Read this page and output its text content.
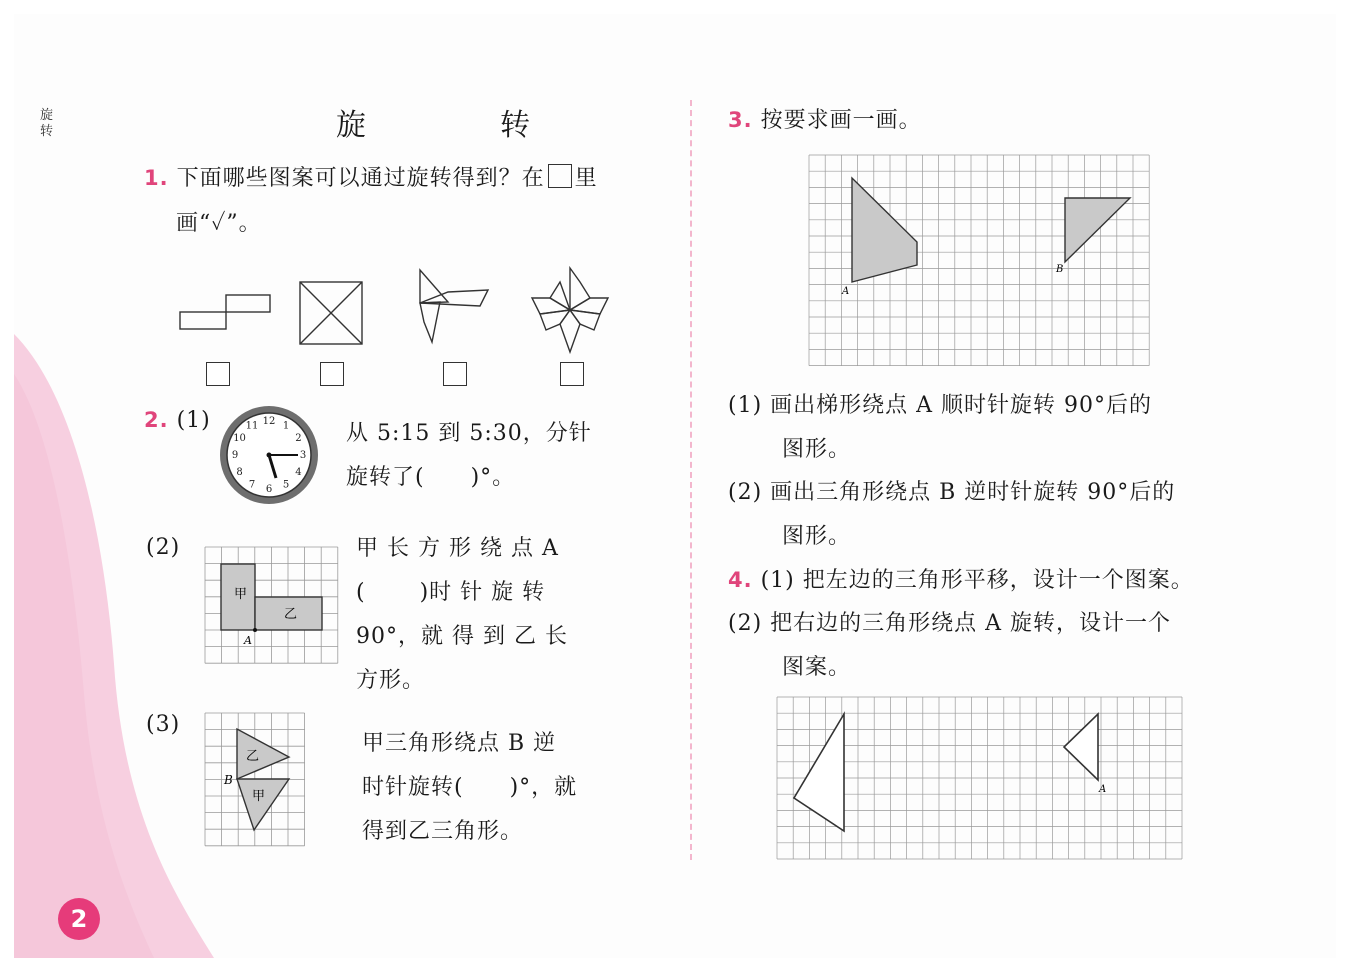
旋
转	旋　转
1. 下面哪些图案可以通过旋转得到？在 里
画“✓”。
2. (1)	12 1
2
3
4
5
6
7
8
9
10
11	从 5:15 到 5:30，分针
旋转了(　　)°。
(2)
甲
乙
A
甲 长 方 形 绕 点 A
(　　 )时 针 旋 转
90°，就 得 到 乙 长
方形。
(3)
乙
甲
B
甲三角形绕点 B 逆
时针旋转(　　)°，就
得到乙三角形。
2
3. 按要求画一画。
A
B
(1) 画出梯形绕点 A 顺时针旋转 90°后的
图形。
(2) 画出三角形绕点 B 逆时针旋转 90°后的
图形。
4. (1) 把左边的三角形平移，设计一个图案。
(2) 把右边的三角形绕点 A 旋转，设计一个
图案。
A
